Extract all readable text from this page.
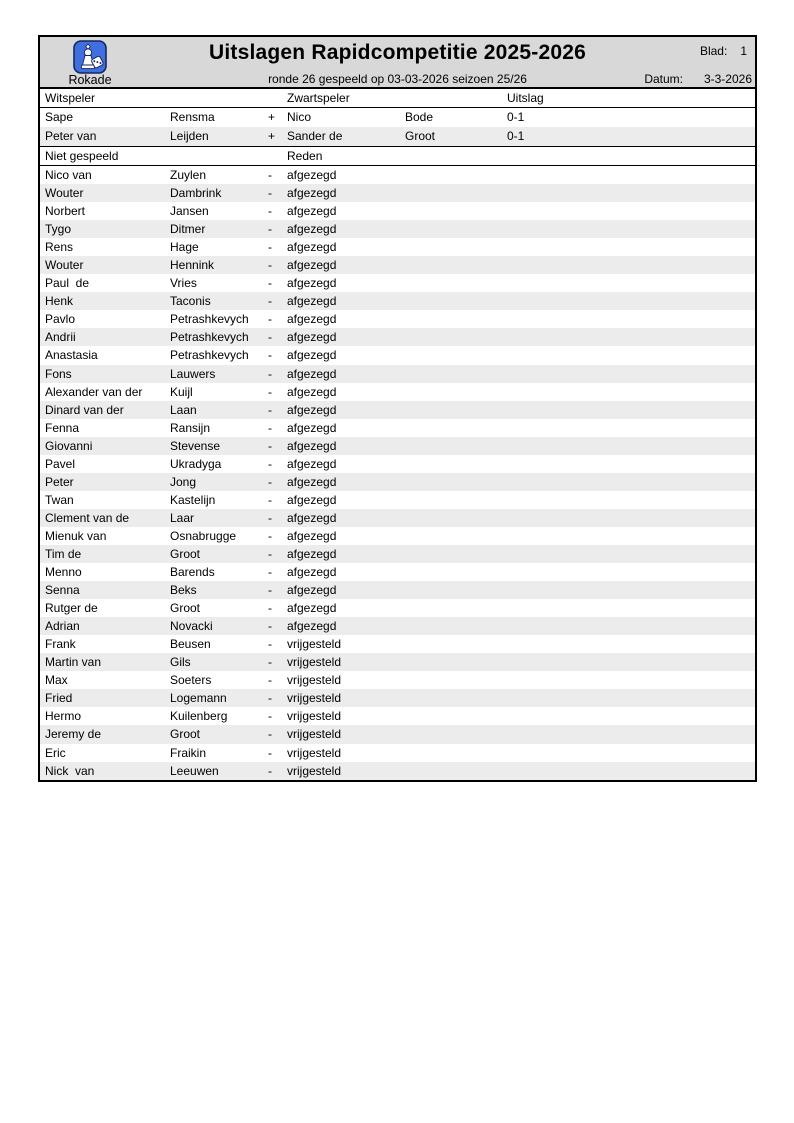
Rokade
Uitslagen Rapidcompetitie 2025-2026	Blad: 1
ronde 26 gespeeld op 03-03-2026 seizoen 25/26	Datum: 3-3-2026
Witspeler	Zwartspeler	Uitslag
Sape	Rensma	+ Nico	Bode	0-1
Peter van	Leijden	+ Sander de	Groot	0-1
Niet gespeeld	Reden
Nico van	Zuylen	-	afgezegd
Wouter	Dambrink	-	afgezegd
Norbert	Jansen	-	afgezegd
Tygo	Ditmer	-	afgezegd
Rens	Hage	-	afgezegd
Wouter	Hennink	-	afgezegd
Paul  de	Vries	-	afgezegd
Henk	Taconis	-	afgezegd
Pavlo	Petrashkevych	-	afgezegd
Andrii	Petrashkevych	-	afgezegd
Anastasia	Petrashkevych	-	afgezegd
Fons	Lauwers	-	afgezegd
Alexander van der	Kuijl	-	afgezegd
Dinard van der	Laan	-	afgezegd
Fenna	Ransijn	-	afgezegd
Giovanni	Stevense	-	afgezegd
Pavel	Ukradyga	-	afgezegd
Peter	Jong	-	afgezegd
Twan	Kastelijn	-	afgezegd
Clement van de	Laar	-	afgezegd
Mienuk van	Osnabrugge	-	afgezegd
Tim de	Groot	-	afgezegd
Menno	Barends	-	afgezegd
Senna	Beks	-	afgezegd
Rutger de	Groot	-	afgezegd
Adrian	Novacki	-	afgezegd
Frank	Beusen	-	vrijgesteld
Martin van	Gils	-	vrijgesteld
Max	Soeters	-	vrijgesteld
Fried	Logemann	-	vrijgesteld
Hermo	Kuilenberg	-	vrijgesteld
Jeremy de	Groot	-	vrijgesteld
Eric	Fraikin	-	vrijgesteld
Nick  van	Leeuwen	-	vrijgesteld
